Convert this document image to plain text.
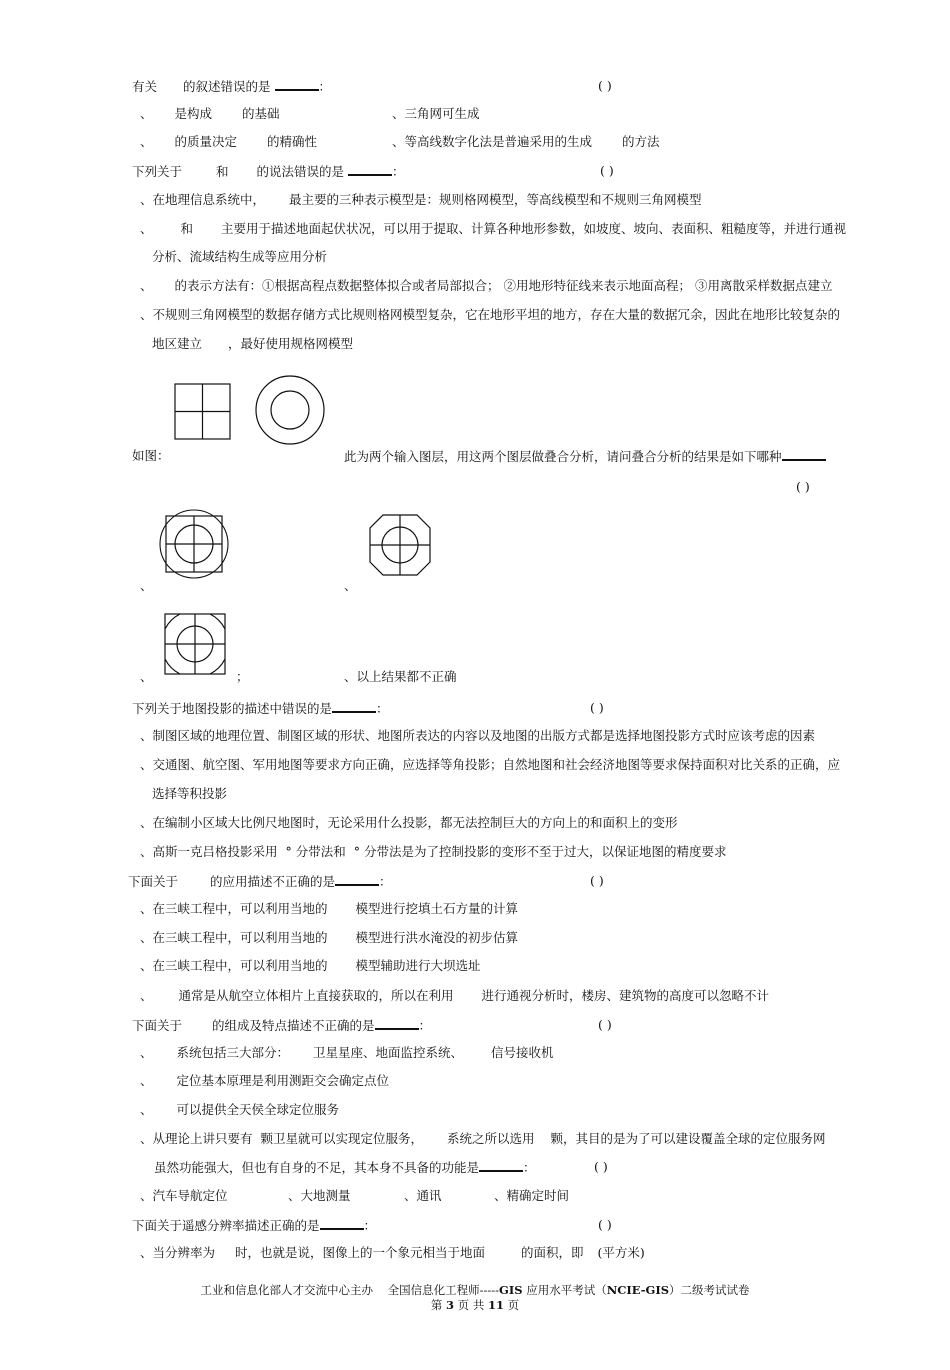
有关 的叙述错误的是	：	( )
、 是构成 的基础	、三角网可生成
、 的质量决定 的精确性	、等高线数字化法是普遍采用的生成 的方法
下列关于	和 的说法错误的是	：	( )
、在地理信息系统中， 最主要的三种表示模型是：规则格网模型，等高线模型和不规则三角网模型
、 和 主要用于描述地面起伏状况，可以用于提取、计算各种地形参数，如坡度、坡向、表面积、粗糙度等，并进行通视
分析、流域结构生成等应用分析
、 的表示方法有：①根据高程点数据整体拟合或者局部拟合； ②用地形特征线来表示地面高程； ③用离散采样数据点建立
、不规则三角网模型的数据存储方式比规则格网模型复杂，它在地形平坦的地方，存在大量的数据冗余，因此在地形比较复杂的
地区建立 ，最好使用规格网模型
如图：	此为两个输入图层，用这两个图层做叠合分析，请问叠合分析的结果是如下哪种
( )
、	、
、	；	、以上结果都不正确
下列关于地图投影的描述中错误的是	：	( )
、制图区域的地理位置、制图区域的形状、地图所表达的内容以及地图的出版方式都是选择地图投影方式时应该考虑的因素
、交通图、航空图、军用地图等要求方向正确，应选择等角投影；自然地图和社会经济地图等要求保持面积对比关系的正确，应
选择等积投影
、在编制小区域大比例尺地图时，无论采用什么投影，都无法控制巨大的方向上的和面积上的变形
、高斯一克吕格投影采用 ° 分带法和 ° 分带法是为了控制投影的变形不至于过大，以保证地图的精度要求
下面关于	的应用描述不正确的是	：	( )
、在三峡工程中，可以利用当地的 模型进行挖填土石方量的计算
、在三峡工程中，可以利用当地的 模型进行洪水淹没的初步估算
、在三峡工程中，可以利用当地的 模型辅助进行大坝选址
、 通常是从航空立体相片上直接获取的，所以在利用 进行通视分析时，楼房、建筑物的高度可以忽略不计
下面关于 的组成及特点描述不正确的是	：	( )
、 系统包括三大部分： 卫星星座、地面监控系统、 信号接收机
、 定位基本原理是利用测距交会确定点位
、 可以提供全天侯全球定位服务
、从理论上讲只要有 颗卫星就可以实现定位服务， 系统之所以选用 颗，其目的是为了可以建设覆盖全球的定位服务网
虽然功能强大，但也有自身的不足，其本身不具备的功能是	：	( )
、汽车导航定位	、大地测量	、通讯	、精确定时间
下面关于遥感分辨率描述正确的是	：	( )
、当分辨率为 时，也就是说，图像上的一个象元相当于地面	的面积，即 (平方米)
工业和信息化部人才交流中心主办 全国信息化工程师-----GIS 应用水平考试（NCIE-GIS）二级考试试卷
第 3 页 共 11 页
